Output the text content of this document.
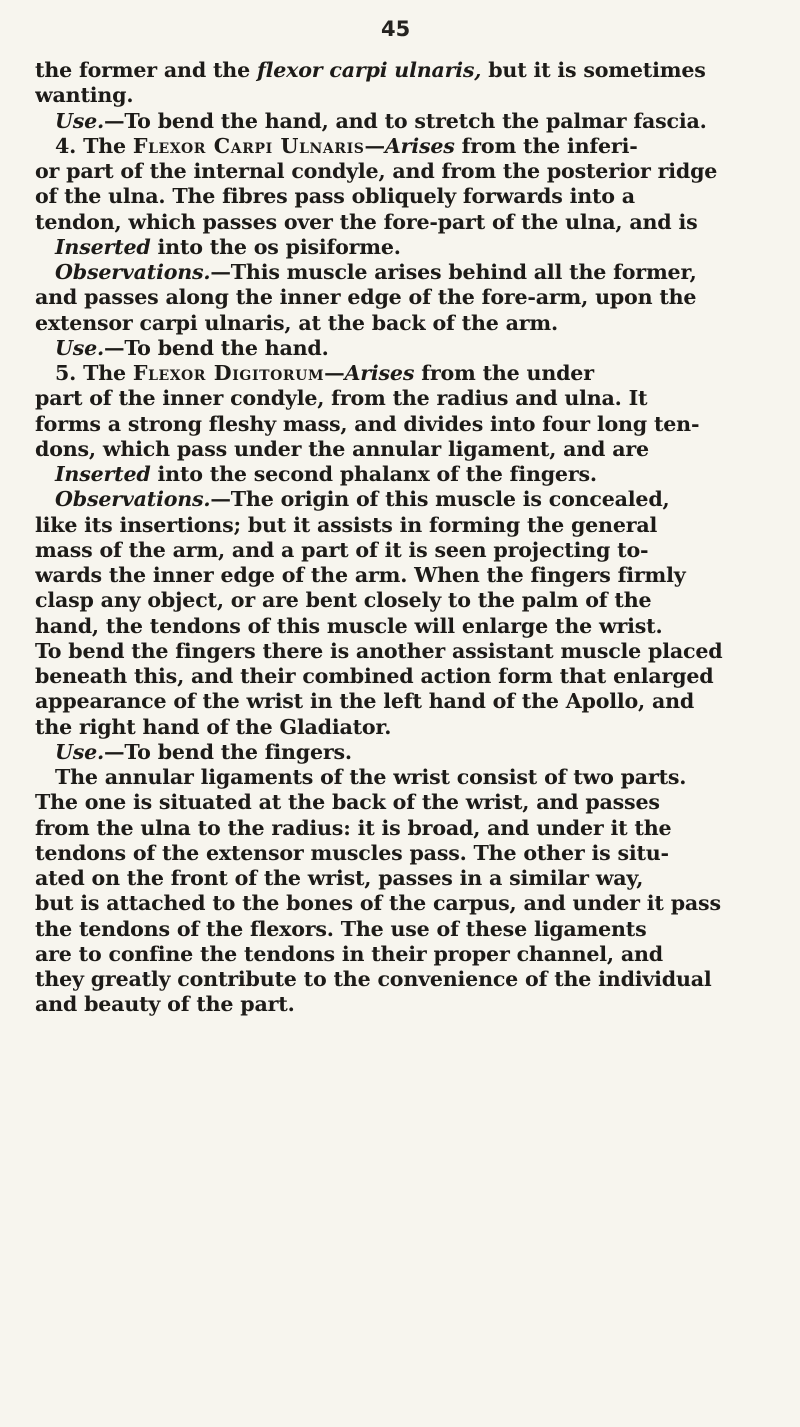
45
the former and the flexor carpi ulnaris, but it is sometimes
wanting.
Use.—To bend the hand, and to stretch the palmar fascia.
4. The Flexor Carpi Ulnaris—Arises from the inferi-
or part of the internal condyle, and from the posterior ridge
of the ulna. The fibres pass obliquely forwards into a
tendon, which passes over the fore-part of the ulna, and is
Inserted into the os pisiforme.
Observations.—This muscle arises behind all the former,
and passes along the inner edge of the fore-arm, upon the
extensor carpi ulnaris, at the back of the arm.
Use.—To bend the hand.
5. The Flexor Digitorum—Arises from the under
part of the inner condyle, from the radius and ulna. It
forms a strong fleshy mass, and divides into four long ten-
dons, which pass under the annular ligament, and are
Inserted into the second phalanx of the fingers.
Observations.—The origin of this muscle is concealed,
like its insertions; but it assists in forming the general
mass of the arm, and a part of it is seen projecting to-
wards the inner edge of the arm. When the fingers firmly
clasp any object, or are bent closely to the palm of the
hand, the tendons of this muscle will enlarge the wrist.
To bend the fingers there is another assistant muscle placed
beneath this, and their combined action form that enlarged
appearance of the wrist in the left hand of the Apollo, and
the right hand of the Gladiator.
Use.—To bend the fingers.
The annular ligaments of the wrist consist of two parts.
The one is situated at the back of the wrist, and passes
from the ulna to the radius: it is broad, and under it the
tendons of the extensor muscles pass. The other is situ-
ated on the front of the wrist, passes in a similar way,
but is attached to the bones of the carpus, and under it pass
the tendons of the flexors. The use of these ligaments
are to confine the tendons in their proper channel, and
they greatly contribute to the convenience of the individual
and beauty of the part.
